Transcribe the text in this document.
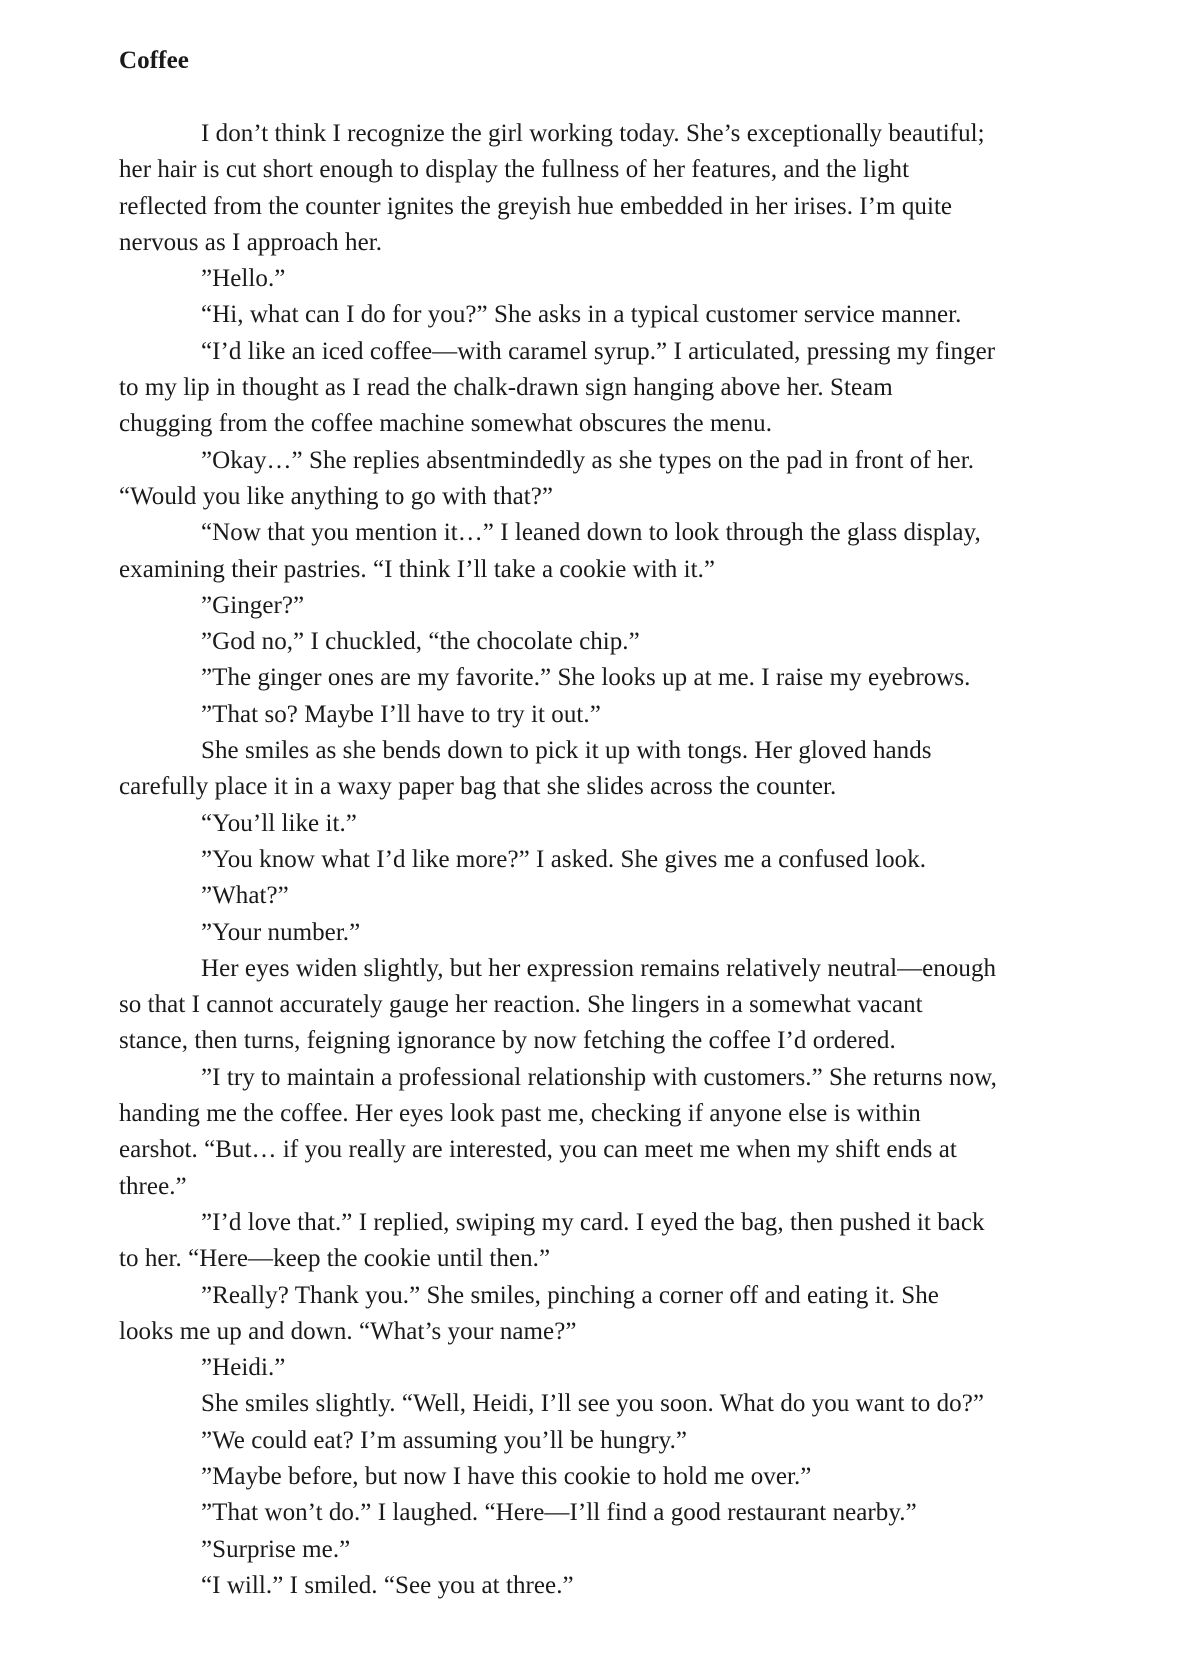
Coffee

I don’t think I recognize the girl working today. She’s exceptionally beautiful;
her hair is cut short enough to display the fullness of her features, and the light
reflected from the counter ignites the greyish hue embedded in her irises. I’m quite
nervous as I approach her.

”Hello.”

“Hi, what can I do for you?” She asks in a typical customer service manner.

“I’d like an iced coffee—with caramel syrup.” I articulated, pressing my finger
to my lip in thought as I read the chalk-drawn sign hanging above her. Steam
chugging from the coffee machine somewhat obscures the menu.

”Okay…” She replies absentmindedly as she types on the pad in front of her.
“Would you like anything to go with that?”

“Now that you mention it…” I leaned down to look through the glass display,
examining their pastries. “I think I’ll take a cookie with it.”

”Ginger?”

”God no,” I chuckled, “the chocolate chip.”

”The ginger ones are my favorite.” She looks up at me. I raise my eyebrows.

”That so? Maybe I’ll have to try it out.”

She smiles as she bends down to pick it up with tongs. Her gloved hands
carefully place it in a waxy paper bag that she slides across the counter.

“You’ll like it.”

”You know what I’d like more?” I asked. She gives me a confused look.

”What?”

”Your number.”

Her eyes widen slightly, but her expression remains relatively neutral—enough
so that I cannot accurately gauge her reaction. She lingers in a somewhat vacant
stance, then turns, feigning ignorance by now fetching the coffee I’d ordered.

”I try to maintain a professional relationship with customers.” She returns now,
handing me the coffee. Her eyes look past me, checking if anyone else is within
earshot. “But… if you really are interested, you can meet me when my shift ends at
three.”

”I’d love that.” I replied, swiping my card. I eyed the bag, then pushed it back
to her. “Here—keep the cookie until then.”

”Really? Thank you.” She smiles, pinching a corner off and eating it. She
looks me up and down. “What’s your name?”

”Heidi.”

She smiles slightly. “Well, Heidi, I’ll see you soon. What do you want to do?”

”We could eat? I’m assuming you’ll be hungry.”

”Maybe before, but now I have this cookie to hold me over.”

”That won’t do.” I laughed. “Here—I’ll find a good restaurant nearby.”

”Surprise me.”

“I will.” I smiled. “See you at three.”
